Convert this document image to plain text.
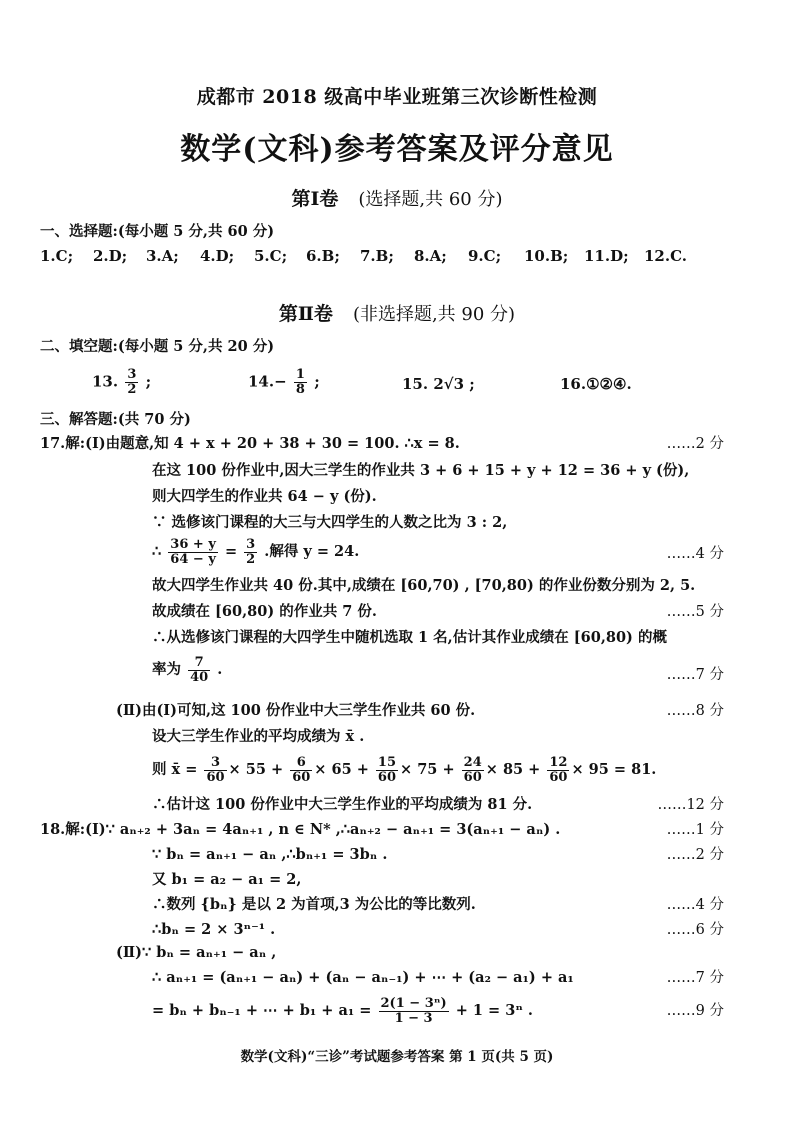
成都市 2018 级高中毕业班第三次诊断性检测
数学(文科)参考答案及评分意见
第Ⅰ卷 (选择题,共 60 分)
一、选择题:(每小题 5 分,共 60 分)
1.C; 2.D; 3.A; 4.D; 5.C; 6.B; 7.B; 8.A; 9.C; 10.B; 11.D; 12.C.
第Ⅱ卷 (非选择题,共 90 分)
二、填空题:(每小题 5 分,共 20 分)
13. $\frac{3}{2}$ ;	$14.- \frac{1}{8}$ ;	15. 2√3 ;	16.①②④.
三、解答题:(共 70 分)
17.解:(Ⅰ)由题意,知 4 + x + 20 + 38 + 30 = 100. ∴x = 8.	……2 分
在这 100 份作业中,因大三学生的作业共 3 + 6 + 15 + y + 12 = 36 + y (份),
则大四学生的作业共 64 − y (份).
∵ 选修该门课程的大三与大四学生的人数之比为 3 : 2,
∴ $\frac{36 + y}{64 - y} = \frac{3}{2}$ .解得 y = 24.	……4 分
故大四学生作业共 40 份.其中,成绩在 [60,70) , [70,80) 的作业份数分别为 2, 5.
故成绩在 [60,80) 的作业共 7 份.	……5 分
∴从选修该门课程的大四学生中随机选取 1 名,估计其作业成绩在 [60,80) 的概
率为 $\frac{7}{40}$ .	……7 分
(Ⅱ)由(Ⅰ)可知,这 100 份作业中大三学生作业共 60 份.	……8 分
设大三学生作业的平均成绩为 x̄ .
则 x̄ = $\frac{3}{60} \times 55 + \frac{6}{60} \times 65 + \frac{15}{60} \times 75 + \frac{24}{60} \times 85 + \frac{12}{60} \times 95 = 81$.
∴估计这 100 份作业中大三学生作业的平均成绩为 81 分.	……12 分
18.解:(Ⅰ)∵ aₙ₊₂ + 3aₙ = 4aₙ₊₁ , n ∈ N* ,∴aₙ₊₂ − aₙ₊₁ = 3(aₙ₊₁ − aₙ) .	……1 分
∵ bₙ = aₙ₊₁ − aₙ ,∴bₙ₊₁ = 3bₙ .	……2 分
又 b₁ = a₂ − a₁ = 2,
∴数列 {bₙ} 是以 2 为首项,3 为公比的等比数列.	……4 分
∴bₙ = 2 × 3ⁿ⁻¹ .	……6 分
(Ⅱ)∵ bₙ = aₙ₊₁ − aₙ ,
∴ aₙ₊₁ = (aₙ₊₁ − aₙ) + (aₙ − aₙ₋₁) + ⋯ + (a₂ − a₁) + a₁	……7 分
= bₙ + bₙ₋₁ + ⋯ + $b_1 + a_1 = \frac{\text{2(1 − 3ⁿ)}}{1 - 3} + 1 = 3^n$ .	……9 分
数学(文科)“三诊”考试题参考答案 第 1 页(共 5 页)
